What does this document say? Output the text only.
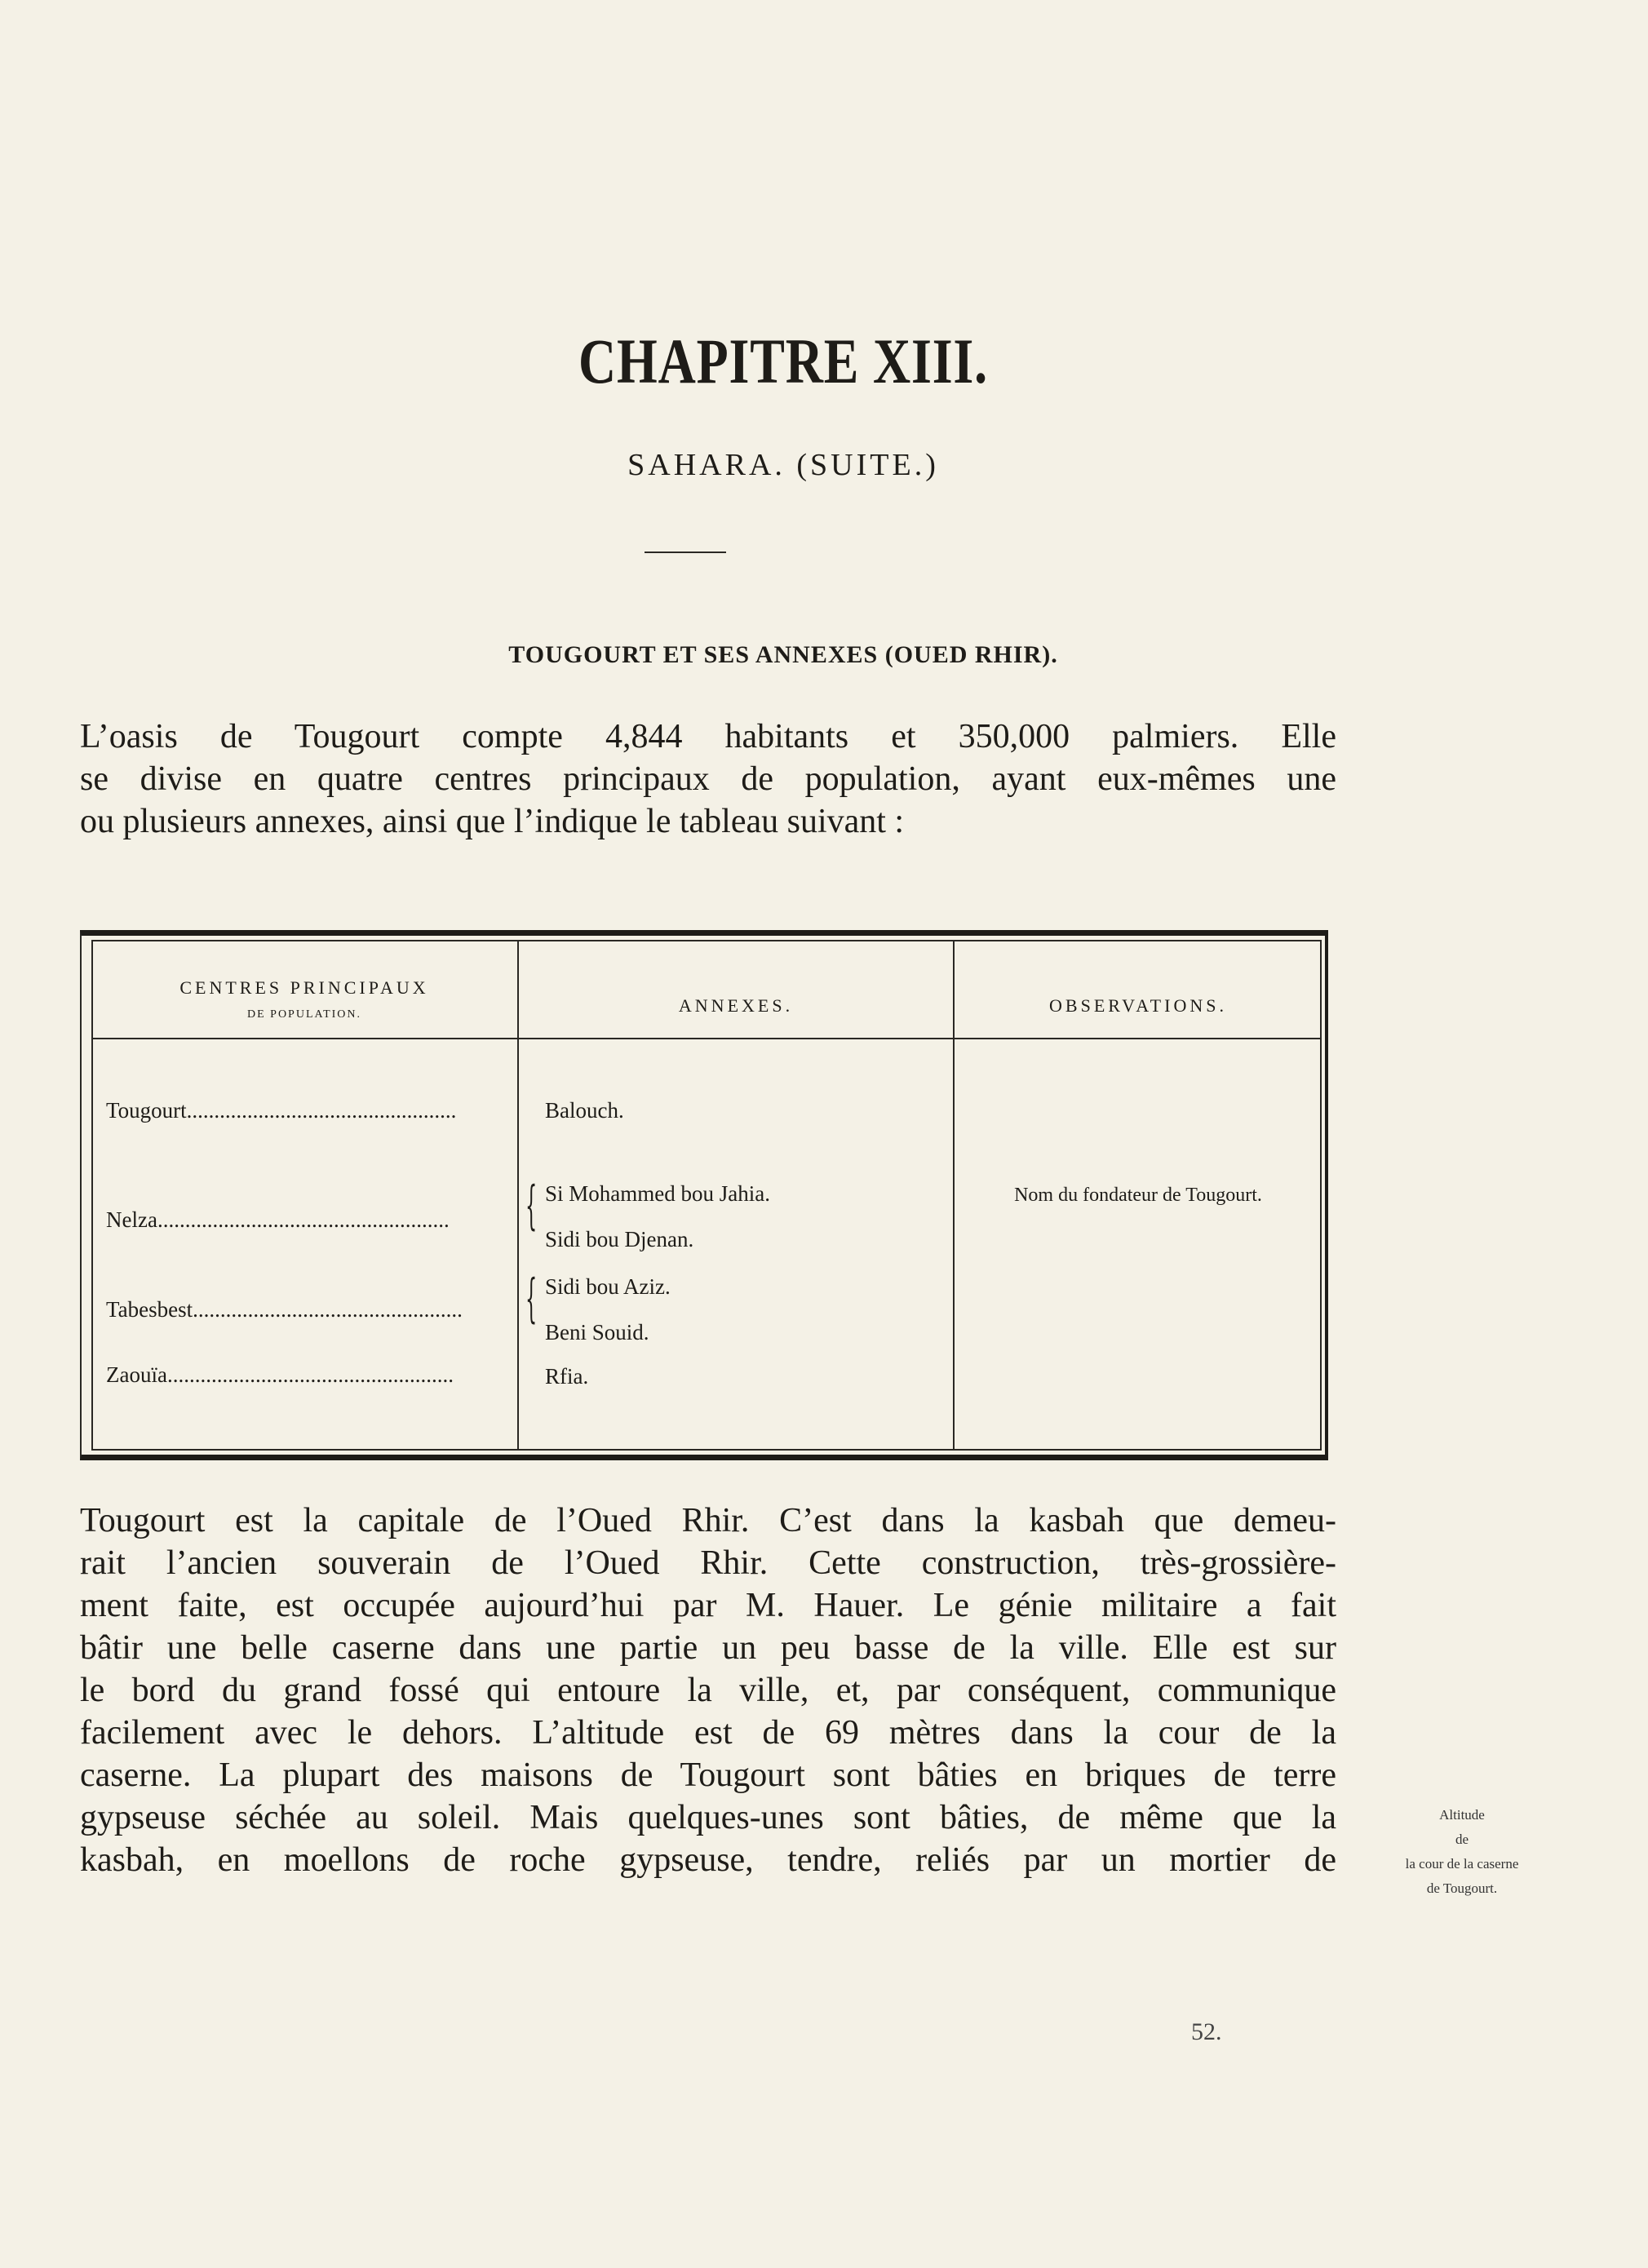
CHAPITRE XIII.
SAHARA. (SUITE.)
TOUGOURT ET SES ANNEXES (OUED RHIR).
L’oasis de Tougourt compte 4,844 habitants et 350,000 palmiers. Elle
se divise en quatre centres principaux de population, ayant eux-mêmes une
ou plusieurs annexes, ainsi que l’indique le tableau suivant :
CENTRES PRINCIPAUX
DE POPULATION.	ANNEXES.	OBSERVATIONS.
Tougourt.................................................
Nelza.....................................................
Tabesbest.................................................
Zaouïa....................................................
{
{
Balouch.
Si Mohammed bou Jahia.
Sidi bou Djenan.
Sidi bou Aziz.
Beni Souid.
Rfia.
Nom du fondateur de Tougourt.
Tougourt est la capitale de l’Oued Rhir. C’est dans la kasbah que demeu-
rait l’ancien souverain de l’Oued Rhir. Cette construction, très-grossière-
ment faite, est occupée aujourd’hui par M. Hauer. Le génie militaire a fait
bâtir une belle caserne dans une partie un peu basse de la ville. Elle est sur
le bord du grand fossé qui entoure la ville, et, par conséquent, communique
facilement avec le dehors. L’altitude est de 69 mètres dans la cour de la
caserne. La plupart des maisons de Tougourt sont bâties en briques de terre
gypseuse séchée au soleil. Mais quelques-unes sont bâties, de même que la
kasbah, en moellons de roche gypseuse, tendre, reliés par un mortier de
Altitude
de
la cour de la caserne
de Tougourt.
52.
